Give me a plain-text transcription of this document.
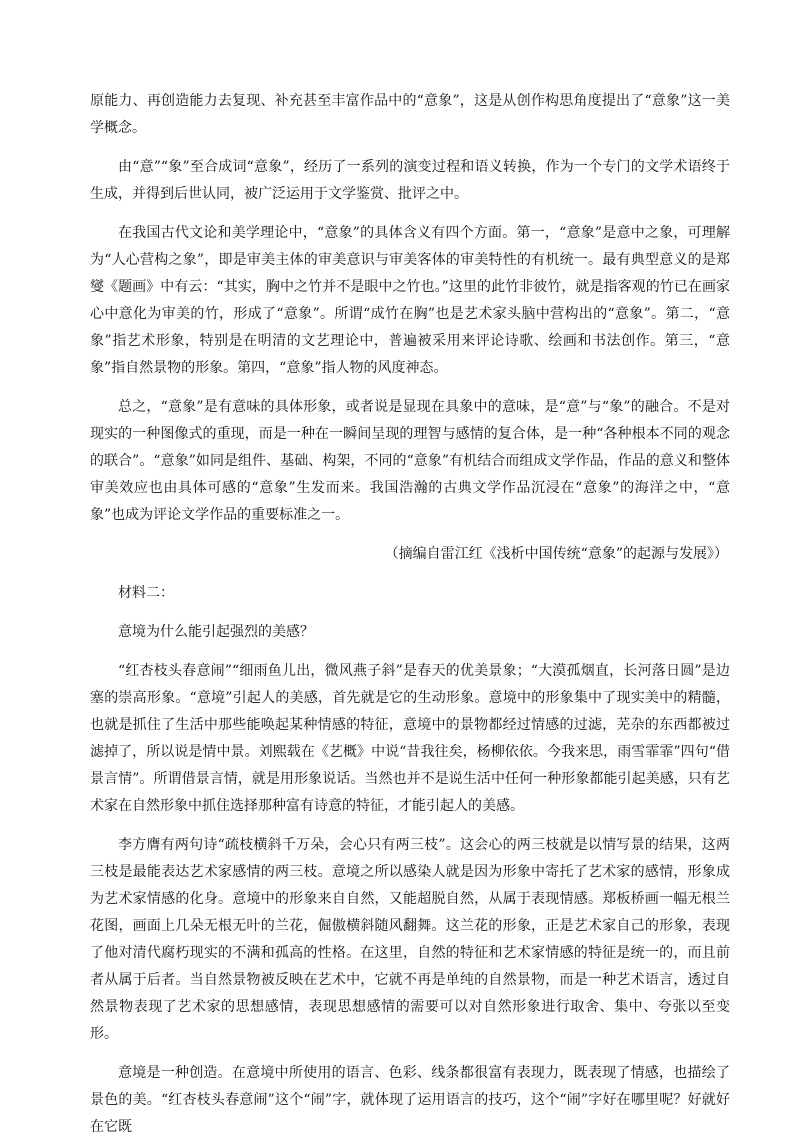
原能力、再创造能力去复现、补充甚至丰富作品中的“意象”，这是从创作构思角度提出了“意象”这一美学概念。

由“意”“象”至合成词“意象”，经历了一系列的演变过程和语义转换，作为一个专门的文学术语终于生成，并得到后世认同，被广泛运用于文学鉴赏、批评之中。

在我国古代文论和美学理论中，“意象”的具体含义有四个方面。第一，“意象”是意中之象，可理解为“人心营构之象”，即是审美主体的审美意识与审美客体的审美特性的有机统一。最有典型意义的是郑燮《题画》中有云：“其实，胸中之竹并不是眼中之竹也。”这里的此竹非彼竹，就是指客观的竹已在画家心中意化为审美的竹，形成了“意象”。所谓“成竹在胸”也是艺术家头脑中营构出的“意象”。第二，“意象”指艺术形象，特别是在明清的文艺理论中，普遍被采用来评论诗歌、绘画和书法创作。第三，“意象”指自然景物的形象。第四，“意象”指人物的风度神态。

总之，“意象”是有意味的具体形象，或者说是显现在具象中的意味，是“意”与“象”的融合。不是对现实的一种图像式的重现，而是一种在一瞬间呈现的理智与感情的复合体，是一种“各种根本不同的观念的联合”。“意象”如同是组件、基础、构架，不同的“意象”有机结合而组成文学作品，作品的意义和整体审美效应也由具体可感的“意象”生发而来。我国浩瀚的古典文学作品沉浸在“意象”的海洋之中，“意象”也成为评论文学作品的重要标准之一。

（摘编自雷江红《浅析中国传统“意象”的起源与发展》）

材料二：

意境为什么能引起强烈的美感？

“红杏枝头春意闹”“细雨鱼儿出，微风燕子斜”是春天的优美景象；“大漠孤烟直，长河落日圆”是边塞的崇高形象。“意境”引起人的美感，首先就是它的生动形象。意境中的形象集中了现实美中的精髓，也就是抓住了生活中那些能唤起某种情感的特征，意境中的景物都经过情感的过滤，芜杂的东西都被过滤掉了，所以说是情中景。刘熙载在《艺概》中说“昔我往矣，杨柳依依。今我来思，雨雪霏霏”四句“借景言情”。所谓借景言情，就是用形象说话。当然也并不是说生活中任何一种形象都能引起美感，只有艺术家在自然形象中抓住选择那种富有诗意的特征，才能引起人的美感。

李方膺有两句诗“疏枝横斜千万朵，会心只有两三枝”。这会心的两三枝就是以情写景的结果，这两三枝是最能表达艺术家感情的两三枝。意境之所以感染人就是因为形象中寄托了艺术家的感情，形象成为艺术家情感的化身。意境中的形象来自自然，又能超脱自然，从属于表现情感。郑板桥画一幅无根兰花图，画面上几朵无根无叶的兰花，倔傲横斜随风翻舞。这兰花的形象，正是艺术家自己的形象，表现了他对清代腐朽现实的不满和孤高的性格。在这里，自然的特征和艺术家情感的特征是统一的，而且前者从属于后者。当自然景物被反映在艺术中，它就不再是单纯的自然景物，而是一种艺术语言，透过自然景物表现了艺术家的思想感情，表现思想感情的需要可以对自然形象进行取舍、集中、夸张以至变形。

意境是一种创造。在意境中所使用的语言、色彩、线条都很富有表现力，既表现了情感，也描绘了景色的美。“红杏枝头春意闹”这个“闹”字，就体现了运用语言的技巧，这个“闹”字好在哪里呢？好就好在它既
